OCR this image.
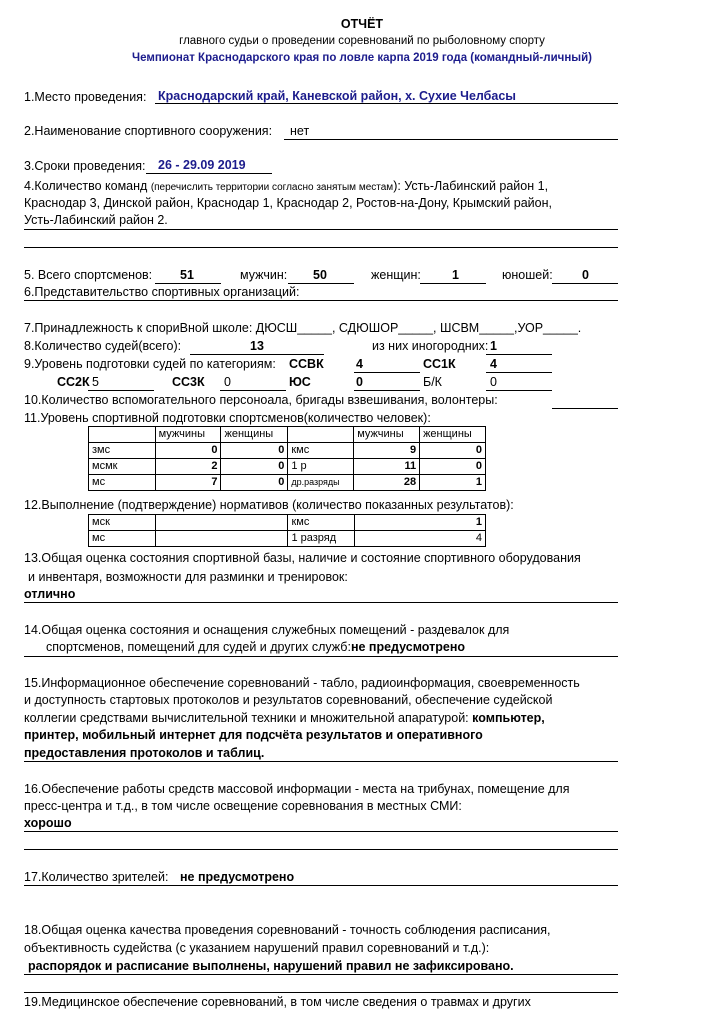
ОТЧЁТ
главного судьи о проведении соревнований по рыболовному спорту
Чемпионат Краснодарского края по ловле карпа 2019 года (командный-личный)
1.Место проведения: Краснодарский край, Каневской район, х. Сухие Челбасы
2.Наименование спортивного сооружения: нет
3.Сроки проведения: 26 - 29.09 2019
4.Количество команд (перечислить территории согласно занятым местам): Усть-Лабинский район 1,
Краснодар 3, Динской район, Краснодар 1, Краснодар 2, Ростов-на-Дону, Крымский район,
Усть-Лабинский район 2.
5. Всего спортсменов: 51	мужчин: 50	женщин: 1	юношей: 0
6.Представительство спортивных организаций:
7.Принадлежность к спориВной школе: ДЮСШ_____, СДЮШОР_____, ШСВМ_____,УОР_____.
8.Количество судей(всего):	13	из них иногородних: 1
9.Уровень подготовки судей по категориям: ССВК	4	СС1К	4
СС2К 5	СС3К 0	ЮС	0	Б/К	0
10.Количество вспомогательного персоноала, бригады взвешивания, волонтеры:
11.Уровень спортивной подготовки спортсменов(количество человек):
	мужчины	женщины		мужчины	женщины
змс	0	0	кмс	9	0
мсмк	2	0	1 р	11	0
мс	7	0	др.разряды	28	1
12.Выполнение (подтверждение) нормативов (количество показанных результатов):
мск		кмс	1
мс		1 разряд	4
13.Общая оценка состояния спортивной базы, наличие и состояние спортивного оборудования
и инвентаря, возможности для разминки и тренировок:
отлично
14.Общая оценка состояния и оснащения служебных помещений - раздевалок для
спортсменов, помещений для судей и других служб:не предусмотрено
15.Информационное обеспечение соревнований - табло, радиоинформация, своевременность
и доступность стартовых протоколов и результатов соревнований, обеспечение судейской
коллегии средствами вычислительной техники и множительной апаратурой: компьютер,
принтер, мобильный интернет для подсчёта результатов и оперативного
предоставления протоколов и таблиц.
16.Обеспечение работы средств массовой информации - места на трибунах, помещение для
пресс-центра и т.д., в том числе освещение соревнования в местных СМИ:
хорошо
17.Количество зрителей: не предусмотрено
18.Общая оценка качества проведения соревнований - точность соблюдения расписания,
объективность судейства (с указанием нарушений правил соревнований и т.д.):
распорядок и расписание выполнены, нарушений правил не зафиксировано.
19.Медицинское обеспечение соревнований, в том числе сведения о травмах и других
